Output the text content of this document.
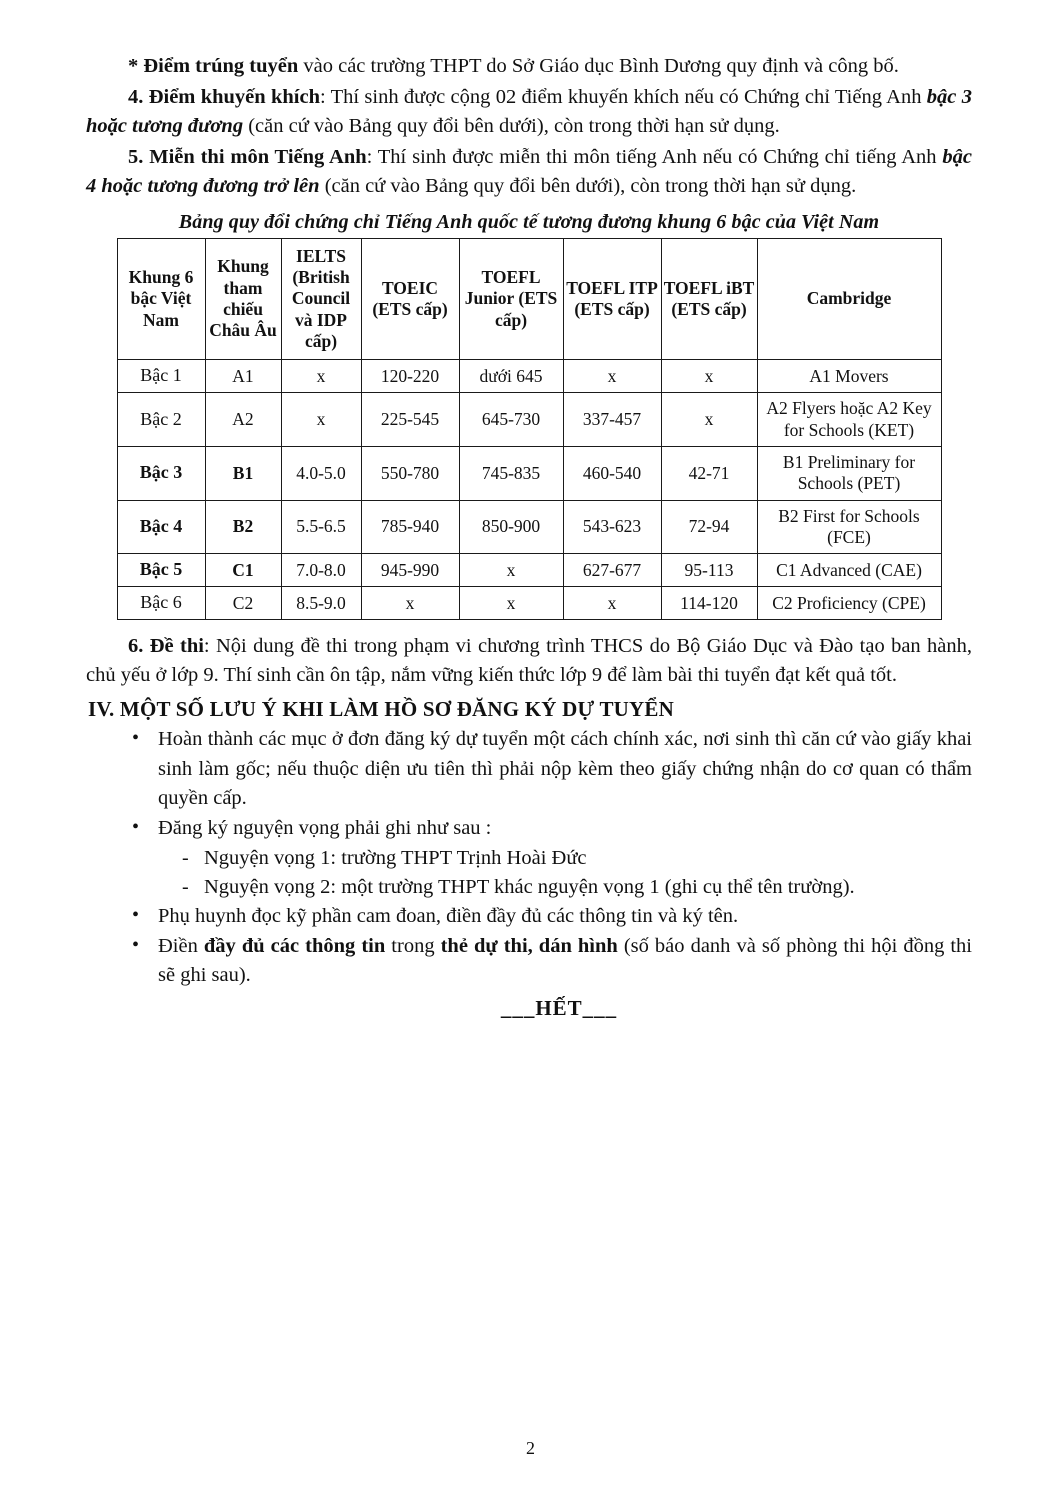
* Điểm trúng tuyển vào các trường THPT do Sở Giáo dục Bình Dương quy định và công bố.

4. Điểm khuyến khích: Thí sinh được cộng 02 điểm khuyến khích nếu có Chứng chỉ Tiếng Anh bậc 3 hoặc tương đương (căn cứ vào Bảng quy đổi bên dưới), còn trong thời hạn sử dụng.

5. Miễn thi môn Tiếng Anh: Thí sinh được miễn thi môn tiếng Anh nếu có Chứng chỉ tiếng Anh bậc 4 hoặc tương đương trở lên (căn cứ vào Bảng quy đổi bên dưới), còn trong thời hạn sử dụng.

Bảng quy đổi chứng chỉ Tiếng Anh quốc tế tương đương khung 6 bậc của Việt Nam
Khung 6 bậc Việt Nam	Khung tham chiếu Châu Âu	IELTS (British Council và IDP cấp)	TOEIC (ETS cấp)	TOEFL Junior (ETS cấp)	TOEFL ITP (ETS cấp)	TOEFL iBT (ETS cấp)	Cambridge
Bậc 1	A1	x	120-220	dưới 645	x	x	A1 Movers
Bậc 2	A2	x	225-545	645-730	337-457	x	A2 Flyers hoặc A2 Key for Schools (KET)
Bậc 3	B1	4.0-5.0	550-780	745-835	460-540	42-71	B1 Preliminary for Schools (PET)
Bậc 4	B2	5.5-6.5	785-940	850-900	543-623	72-94	B2 First for Schools (FCE)
Bậc 5	C1	7.0-8.0	945-990	x	627-677	95-113	C1 Advanced (CAE)
Bậc 6	C2	8.5-9.0	x	x	x	114-120	C2 Proficiency (CPE)

6. Đề thi: Nội dung đề thi trong phạm vi chương trình THCS do Bộ Giáo Dục và Đào tạo ban hành, chủ yếu ở lớp 9. Thí sinh cần ôn tập, nắm vững kiến thức lớp 9 để làm bài thi tuyển đạt kết quả tốt.

IV. MỘT SỐ LƯU Ý KHI LÀM HỒ SƠ ĐĂNG KÝ DỰ TUYỂN
• Hoàn thành các mục ở đơn đăng ký dự tuyển một cách chính xác, nơi sinh thì căn cứ vào giấy khai sinh làm gốc; nếu thuộc diện ưu tiên thì phải nộp kèm theo giấy chứng nhận do cơ quan có thẩm quyền cấp.
• Đăng ký nguyện vọng phải ghi như sau :
- Nguyện vọng 1: trường THPT Trịnh Hoài Đức
- Nguyện vọng 2: một trường THPT khác nguyện vọng 1 (ghi cụ thể tên trường).
• Phụ huynh đọc kỹ phần cam đoan, điền đầy đủ các thông tin và ký tên.
• Điền đầy đủ các thông tin trong thẻ dự thi, dán hình (số báo danh và số phòng thi hội đồng thi sẽ ghi sau).
___HẾT___
2
